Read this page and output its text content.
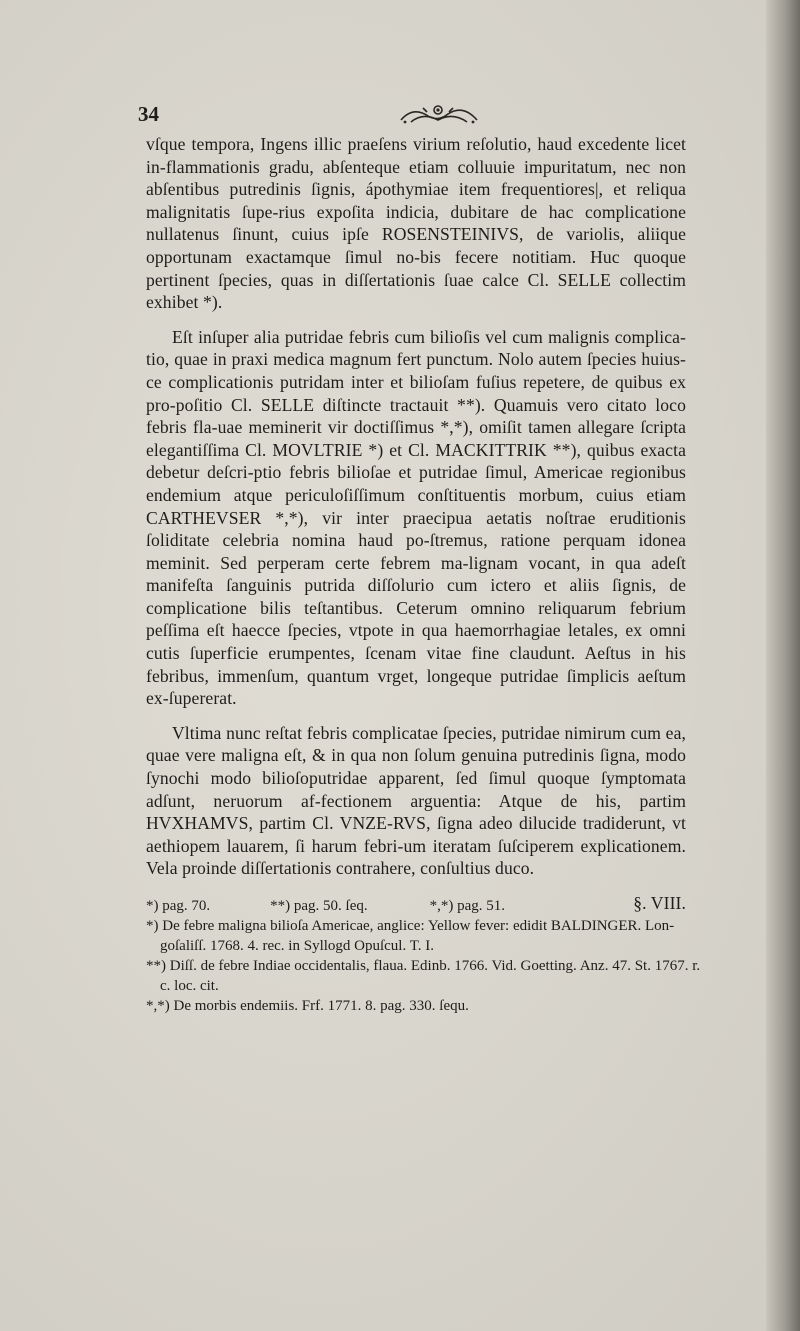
34

vſque tempora, Ingens illic praeſens virium reſolutio, haud excedente licet in-flammationis gradu, abſenteque etiam colluuie impuritatum, nec non abſentibus putredinis ſignis, ápothymiae item frequentiores|, et reliqua malignitatis ſupe-rius expoſita indicia, dubitare de hac complicatione nullatenus ſinunt, cuius ipſe ROSENSTEINIVS, de variolis, aliique opportunam exactamque ſimul no-bis fecere notitiam. Huc quoque pertinent ſpecies, quas in diſſertationis ſuae calce Cl. SELLE collectim exhibet *).

Eſt inſuper alia putridae febris cum bilioſis vel cum malignis complica-tio, quae in praxi medica magnum fert punctum. Nolo autem ſpecies huius-ce complicationis putridam inter et bilioſam fuſius repetere, de quibus ex pro-poſitio Cl. SELLE diſtincte tractauit **). Quamuis vero citato loco febris fla-uae meminerit vir doctiſſimus *,*), omiſit tamen allegare ſcripta elegantiſſima Cl. MOVLTRIE *) et Cl. MACKITTRIK **), quibus exacta debetur deſcri-ptio febris bilioſae et putridae ſimul, Americae regionibus endemium atque periculoſiſſimum conſtituentis morbum, cuius etiam CARTHEVSER *,*), vir inter praecipua aetatis noſtrae eruditionis ſoliditate celebria nomina haud po-ſtremus, ratione perquam idonea meminit. Sed perperam certe febrem ma-lignam vocant, in qua adeſt manifeſta ſanguinis putrida diſſolurio cum ictero et aliis ſignis, de complicatione bilis teſtantibus. Ceterum omnino reliquarum febrium peſſima eſt haecce ſpecies, vtpote in qua haemorrhagiae letales, ex omni cutis ſuperficie erumpentes, ſcenam vitae fine claudunt. Aeſtus in his febribus, immenſum, quantum vrget, longeque putridae ſimplicis aeſtum ex-ſupererat.

Vltima nunc reſtat febris complicatae ſpecies, putridae nimirum cum ea, quae vere maligna eſt, & in qua non ſolum genuina putredinis ſigna, modo ſynochi modo bilioſoputridae apparent, ſed ſimul quoque ſymptomata adſunt, neruorum af-fectionem arguentia: Atque de his, partim HVXHAMVS, partim Cl. VNZE-RVS, ſigna adeo dilucide tradiderunt, vt aethiopem lauarem, ſi harum febri-um iteratam ſuſciperem explicationem. Vela proinde diſſertationis contrahere, conſultius duco.

§. VIII.

*) pag. 70.	**) pag. 50. ſeq.	*,*) pag. 51.

*) De febre maligna bilioſa Americae, anglice: Yellow fever: edidit BALDINGER. Lon-goſaliſſ. 1768. 4. rec. in Syllogd Opuſcul. T. I.

**) Diſſ. de febre Indiae occidentalis, flaua. Edinb. 1766. Vid. Goetting. Anz. 47. St. 1767. r. c. loc. cit.

*,*) De morbis endemiis. Frf. 1771. 8. pag. 330. ſequ.
